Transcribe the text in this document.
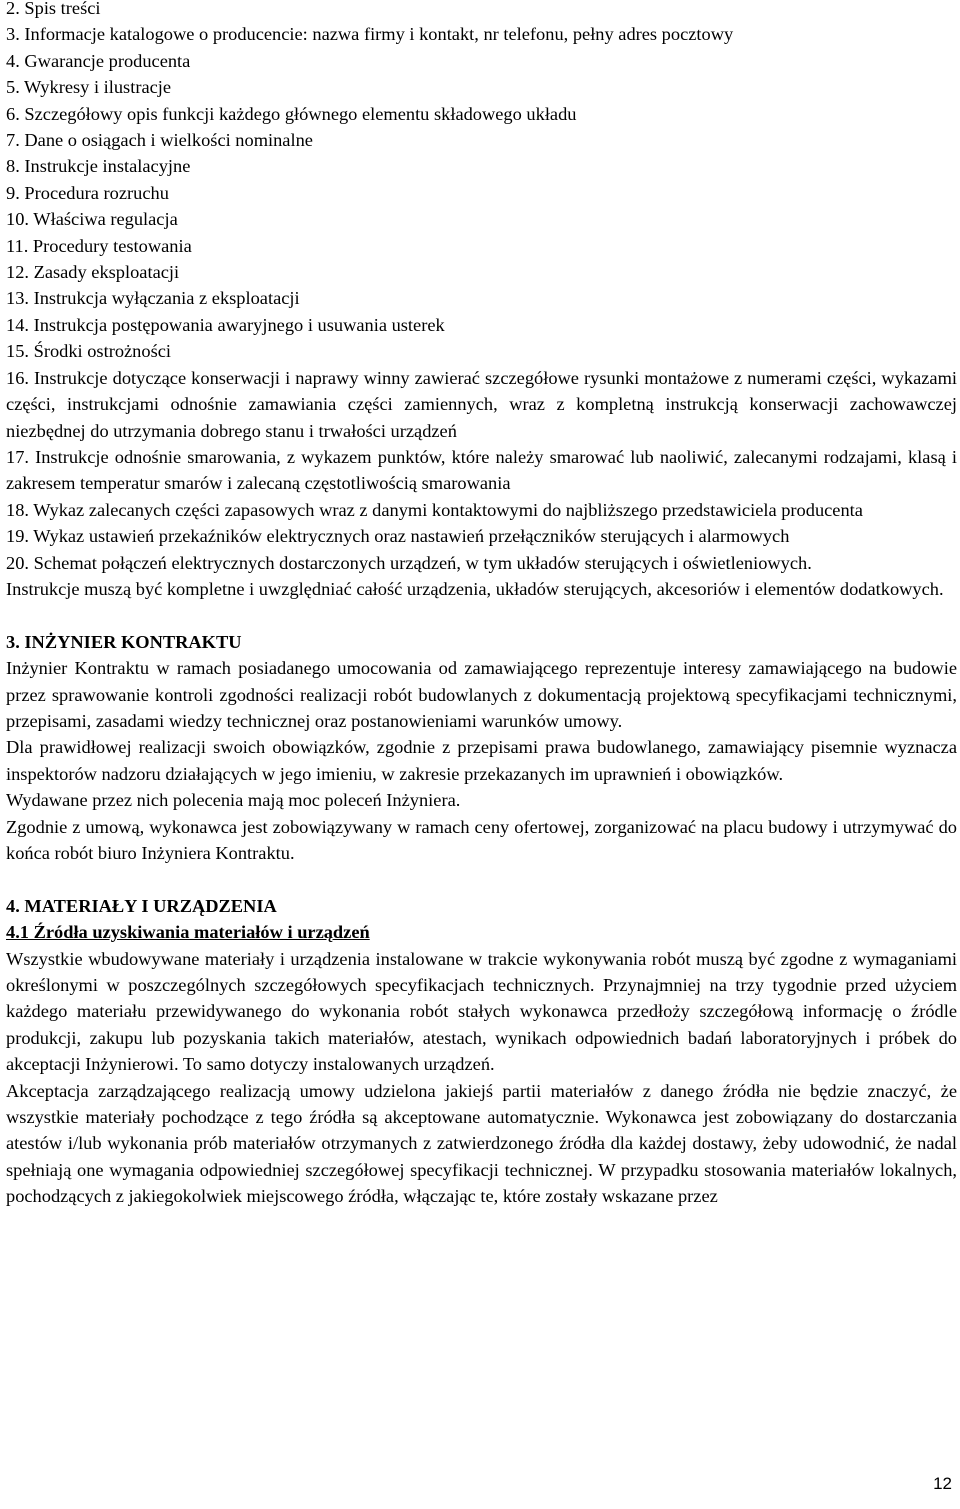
2. Spis treści
3. Informacje katalogowe o producencie: nazwa firmy i kontakt, nr telefonu, pełny adres pocztowy
4. Gwarancje producenta
5. Wykresy i ilustracje
6. Szczegółowy opis funkcji każdego głównego elementu składowego układu
7. Dane o osiągach i wielkości nominalne
8. Instrukcje instalacyjne
9. Procedura rozruchu
10. Właściwa regulacja
11. Procedury testowania
12. Zasady eksploatacji
13. Instrukcja wyłączania z eksploatacji
14. Instrukcja postępowania awaryjnego i usuwania usterek
15. Środki ostrożności
16. Instrukcje dotyczące konserwacji i naprawy winny zawierać szczegółowe rysunki montażowe z numerami części, wykazami części, instrukcjami odnośnie zamawiania części zamiennych, wraz z kompletną instrukcją konserwacji zachowawczej niezbędnej do utrzymania dobrego stanu i trwałości urządzeń
17. Instrukcje odnośnie smarowania, z wykazem punktów, które należy smarować lub naoliwić, zalecanymi rodzajami, klasą i zakresem temperatur smarów i zalecaną częstotliwością smarowania
18. Wykaz zalecanych części zapasowych wraz z danymi kontaktowymi do najbliższego przedstawiciela producenta
19. Wykaz ustawień przekaźników elektrycznych oraz nastawień przełączników sterujących i alarmowych
20. Schemat połączeń elektrycznych dostarczonych urządzeń, w tym układów sterujących i oświetleniowych.
Instrukcje muszą być kompletne i uwzględniać całość urządzenia, układów sterujących, akcesoriów i elementów dodatkowych.
3. INŻYNIER KONTRAKTU
Inżynier Kontraktu w ramach posiadanego umocowania od zamawiającego reprezentuje interesy zamawiającego na budowie przez sprawowanie kontroli zgodności realizacji robót budowlanych z dokumentacją projektową specyfikacjami technicznymi, przepisami, zasadami wiedzy technicznej oraz postanowieniami warunków umowy.
Dla prawidłowej realizacji swoich obowiązków, zgodnie z przepisami prawa budowlanego, zamawiający pisemnie wyznacza inspektorów nadzoru działających w jego imieniu, w zakresie przekazanych im uprawnień i obowiązków.
Wydawane przez nich polecenia mają moc poleceń Inżyniera.
Zgodnie z umową, wykonawca jest zobowiązywany w ramach ceny ofertowej, zorganizować na placu budowy i utrzymywać do końca robót biuro Inżyniera Kontraktu.
4. MATERIAŁY I URZĄDZENIA
4.1 Źródła uzyskiwania materiałów i urządzeń
Wszystkie wbudowywane materiały i urządzenia instalowane w trakcie wykonywania robót muszą być zgodne z wymaganiami określonymi w poszczególnych szczegółowych specyfikacjach technicznych. Przynajmniej na trzy tygodnie przed użyciem każdego materiału przewidywanego do wykonania robót stałych wykonawca przedłoży szczegółową informację o źródle produkcji, zakupu lub pozyskania takich materiałów, atestach, wynikach odpowiednich badań laboratoryjnych i próbek do akceptacji Inżynierowi. To samo dotyczy instalowanych urządzeń.
Akceptacja zarządzającego realizacją umowy udzielona jakiejś partii materiałów z danego źródła nie będzie znaczyć, że wszystkie materiały pochodzące z tego źródła są akceptowane automatycznie. Wykonawca jest zobowiązany do dostarczania atestów i/lub wykonania prób materiałów otrzymanych z zatwierdzonego źródła dla każdej dostawy, żeby udowodnić, że nadal spełniają one wymagania odpowiedniej szczegółowej specyfikacji technicznej. W przypadku stosowania materiałów lokalnych, pochodzących z jakiegokolwiek miejscowego źródła, włączając te, które zostały wskazane przez
12
